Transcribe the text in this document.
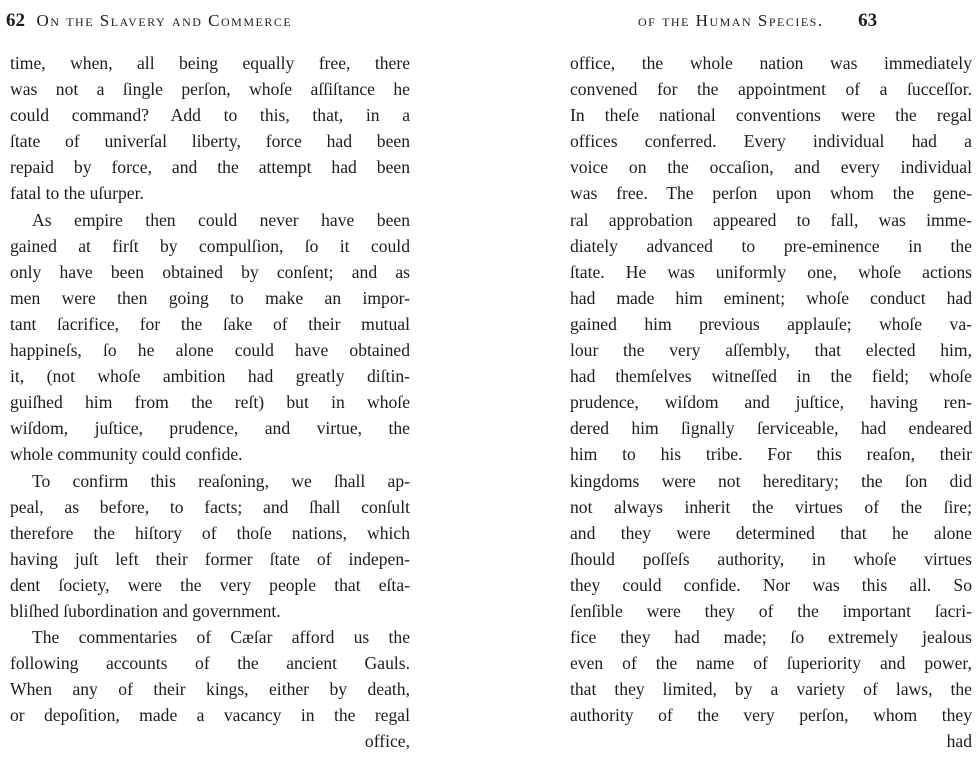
62 On the Slavery and Commerce
time, when, all being equally free, there
was not a ſingle perſon, whoſe aſſiſtance he
could command? Add to this, that, in a
ſtate of univerſal liberty, force had been
repaid by force, and the attempt had been
fatal to the uſurper.
As empire then could never have been
gained at firſt by compulſion, ſo it could
only have been obtained by conſent; and as
men were then going to make an impor-
tant ſacrifice, for the ſake of their mutual
happineſs, ſo he alone could have obtained
it, (not whoſe ambition had greatly diſtin-
guiſhed him from the reſt) but in whoſe
wiſdom, juſtice, prudence, and virtue, the
whole community could confide.
To confirm this reaſoning, we ſhall ap-
peal, as before, to facts; and ſhall conſult
therefore the hiſtory of thoſe nations, which
having juſt left their former ſtate of indepen-
dent ſociety, were the very people that eſta-
bliſhed ſubordination and government.
The commentaries of Cæſar afford us the
following accounts of the ancient Gauls.
When any of their kings, either by death,
or depoſition, made a vacancy in the regal
office,
of the Human Species. 63
office, the whole nation was immediately
convened for the appointment of a ſucceſſor.
In theſe national conventions were the regal
offices conferred. Every individual had a
voice on the occaſion, and every individual
was free. The perſon upon whom the gene-
ral approbation appeared to fall, was imme-
diately advanced to pre-eminence in the
ſtate. He was uniformly one, whoſe actions
had made him eminent; whoſe conduct had
gained him previous applauſe; whoſe va-
lour the very aſſembly, that elected him,
had themſelves witneſſed in the field; whoſe
prudence, wiſdom and juſtice, having ren-
dered him ſignally ſerviceable, had endeared
him to his tribe. For this reaſon, their
kingdoms were not hereditary; the ſon did
not always inherit the virtues of the ſire;
and they were determined that he alone
ſhould poſſeſs authority, in whoſe virtues
they could confide. Nor was this all. So
ſenſible were they of the important ſacri-
fice they had made; ſo extremely jealous
even of the name of ſuperiority and power,
that they limited, by a variety of laws, the
authority of the very perſon, whom they
had
